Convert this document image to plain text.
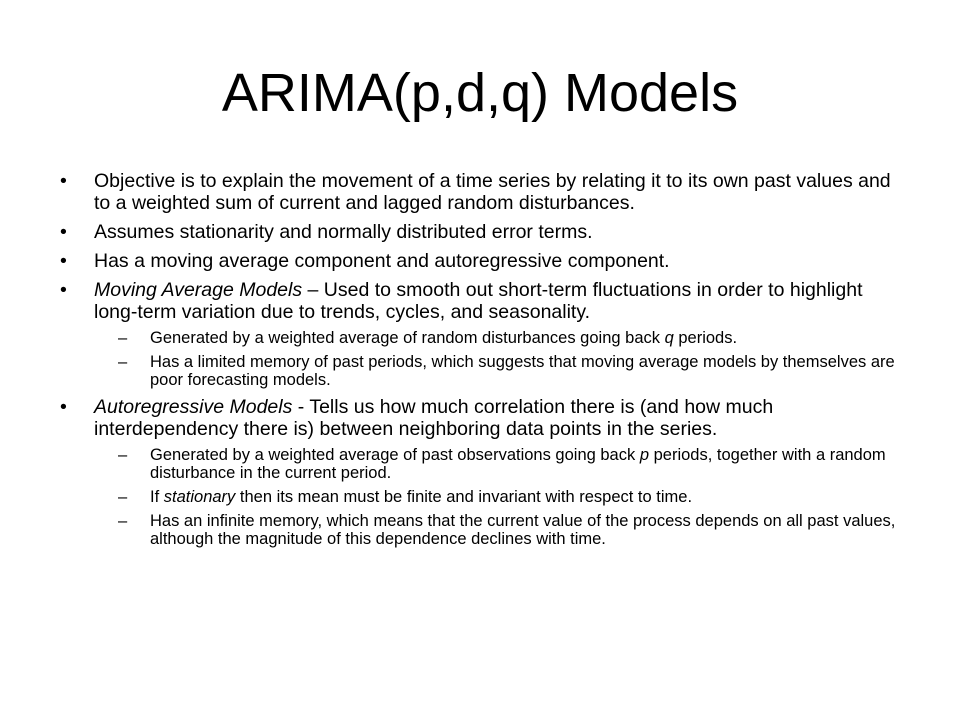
ARIMA(p,d,q) Models
• Objective is to explain the movement of a time series by relating it to its own past values and to a weighted sum of current and lagged random disturbances.
• Assumes stationarity and normally distributed error terms.
• Has a moving average component and autoregressive component.
• Moving Average Models – Used to smooth out short-term fluctuations in order to highlight long-term variation due to trends, cycles, and seasonality.
– Generated by a weighted average of random disturbances going back q periods.
– Has a limited memory of past periods, which suggests that moving average models by themselves are poor forecasting models.
• Autoregressive Models - Tells us how much correlation there is (and how much interdependency there is) between neighboring data points in the series.
– Generated by a weighted average of past observations going back p periods, together with a random disturbance in the current period.
– If stationary then its mean must be finite and invariant with respect to time.
– Has an infinite memory, which means that the current value of the process depends on all past values, although the magnitude of this dependence declines with time.
